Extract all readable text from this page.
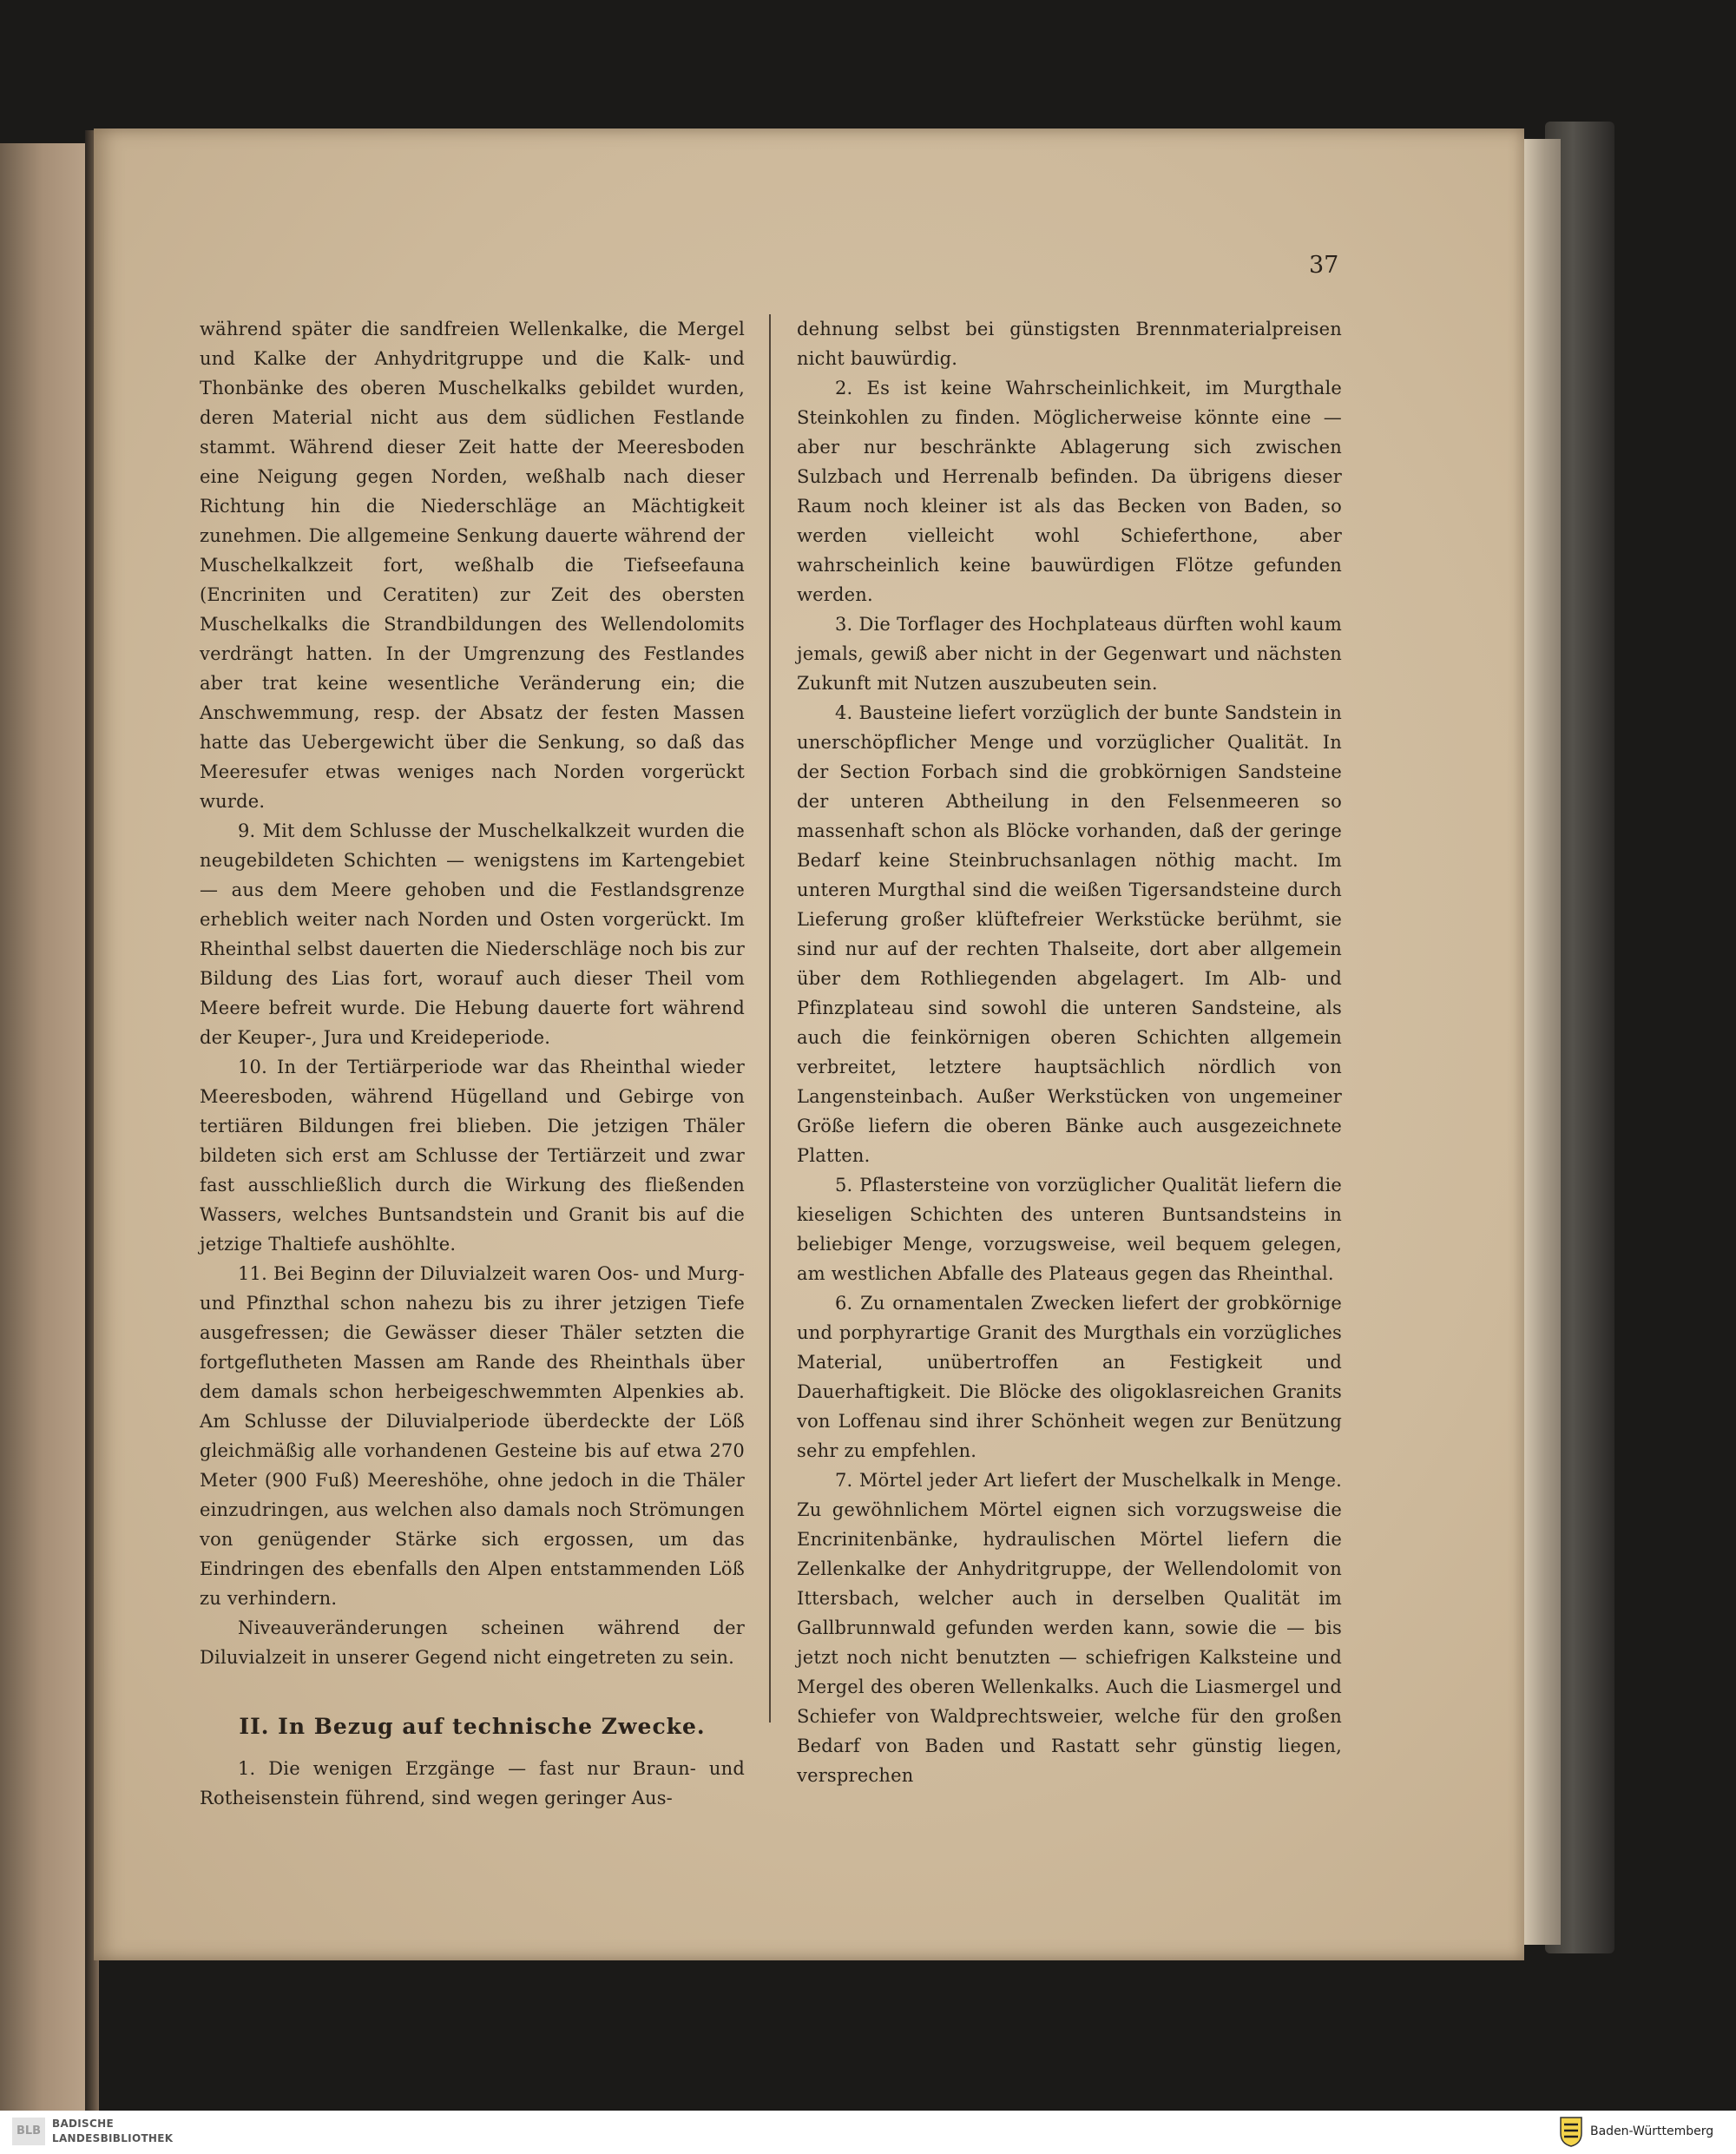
37

während später die sandfreien Wellenkalke, die Mergel und Kalke der Anhydritgruppe und die Kalk- und Thonbänke des oberen Muschelkalks gebildet wurden, deren Material nicht aus dem südlichen Festlande stammt. Während dieser Zeit hatte der Meeresboden eine Neigung gegen Norden, weßhalb nach dieser Richtung hin die Niederschläge an Mächtigkeit zunehmen. Die allgemeine Senkung dauerte während der Muschelkalkzeit fort, weßhalb die Tiefseefauna (Encriniten und Ceratiten) zur Zeit des obersten Muschelkalks die Strandbildungen des Wellendolomits verdrängt hatten. In der Umgrenzung des Festlandes aber trat keine wesentliche Veränderung ein; die Anschwemmung, resp. der Absatz der festen Massen hatte das Uebergewicht über die Senkung, so daß das Meeresufer etwas weniges nach Norden vorgerückt wurde.

9. Mit dem Schlusse der Muschelkalkzeit wurden die neugebildeten Schichten — wenigstens im Kartengebiet — aus dem Meere gehoben und die Festlandsgrenze erheblich weiter nach Norden und Osten vorgerückt. Im Rheinthal selbst dauerten die Niederschläge noch bis zur Bildung des Lias fort, worauf auch dieser Theil vom Meere befreit wurde. Die Hebung dauerte fort während der Keuper-, Jura und Kreideperiode.

10. In der Tertiärperiode war das Rheinthal wieder Meeresboden, während Hügelland und Gebirge von tertiären Bildungen frei blieben. Die jetzigen Thäler bildeten sich erst am Schlusse der Tertiärzeit und zwar fast ausschließlich durch die Wirkung des fließenden Wassers, welches Buntsandstein und Granit bis auf die jetzige Thaltiefe aushöhlte.

11. Bei Beginn der Diluvialzeit waren Oos- und Murg- und Pfinzthal schon nahezu bis zu ihrer jetzigen Tiefe ausgefressen; die Gewässer dieser Thäler setzten die fortgefluthеten Massen am Rande des Rheinthals über dem damals schon herbeigeschwemmten Alpenkies ab. Am Schlusse der Diluvialperiode überdeckte der Löß gleichmäßig alle vorhandenen Gesteine bis auf etwa 270 Meter (900 Fuß) Meereshöhe, ohne jedoch in die Thäler einzudringen, aus welchen also damals noch Strömungen von genügender Stärke sich ergossen, um das Eindringen des ebenfalls den Alpen entstammenden Löß zu verhindern.

Niveauveränderungen scheinen während der Diluvialzeit in unserer Gegend nicht eingetreten zu sein.

II. In Bezug auf technische Zwecke.

1. Die wenigen Erzgänge — fast nur Braun- und Rotheisenstein führend, sind wegen geringer Aus-

dehnung selbst bei günstigsten Brennmaterialpreisen nicht bauwürdig.

2. Es ist keine Wahrscheinlichkeit, im Murgthale Steinkohlen zu finden. Möglicherweise könnte eine — aber nur beschränkte Ablagerung sich zwischen Sulzbach und Herrenalb befinden. Da übrigens dieser Raum noch kleiner ist als das Becken von Baden, so werden vielleicht wohl Schieferthone, aber wahrscheinlich keine bauwürdigen Flötze gefunden werden.

3. Die Torflager des Hochplateaus dürften wohl kaum jemals, gewiß aber nicht in der Gegenwart und nächsten Zukunft mit Nutzen auszubeuten sein.

4. Bausteine liefert vorzüglich der bunte Sandstein in unerschöpflicher Menge und vorzüglicher Qualität. In der Section Forbach sind die grobkörnigen Sandsteine der unteren Abtheilung in den Felsenmeeren so massenhaft schon als Blöcke vorhanden, daß der geringe Bedarf keine Steinbruchsanlagen nöthig macht. Im unteren Murgthal sind die weißen Tigersandsteine durch Lieferung großer klüftefreier Werkstücke berühmt, sie sind nur auf der rechten Thalseite, dort aber allgemein über dem Rothliegenden abgelagert. Im Alb- und Pfinzplateau sind sowohl die unteren Sandsteine, als auch die feinkörnigen oberen Schichten allgemein verbreitet, letztere hauptsächlich nördlich von Langensteinbach. Außer Werkstücken von ungemeiner Größe liefern die oberen Bänke auch ausgezeichnete Platten.

5. Pflastersteine von vorzüglicher Qualität liefern die kieseligen Schichten des unteren Buntsandsteins in beliebiger Menge, vorzugsweise, weil bequem gelegen, am westlichen Abfalle des Plateaus gegen das Rheinthal.

6. Zu ornamentalen Zwecken liefert der grobkörnige und porphyrartige Granit des Murgthals ein vorzügliches Material, unübertroffen an Festigkeit und Dauerhaftigkeit. Die Blöcke des oligoklasreichen Granits von Loffenau sind ihrer Schönheit wegen zur Benützung sehr zu empfehlen.

7. Mörtel jeder Art liefert der Muschelkalk in Menge. Zu gewöhnlichem Mörtel eignen sich vorzugsweise die Encrinitenbänke, hydraulischen Mörtel liefern die Zellenkalke der Anhydritgruppe, der Wellendolomit von Ittersbach, welcher auch in derselben Qualität im Gallbrunnwald gefunden werden kann, sowie die — bis jetzt noch nicht benutzten — schiefrigen Kalksteine und Mergel des oberen Wellenkalks. Auch die Liasmergel und Schiefer von Waldprechtsweier, welche für den großen Bedarf von Baden und Rastatt sehr günstig liegen, versprechen

BLB
BADISCHE
LANDESBIBLIOTHEK	Baden-Württemberg
